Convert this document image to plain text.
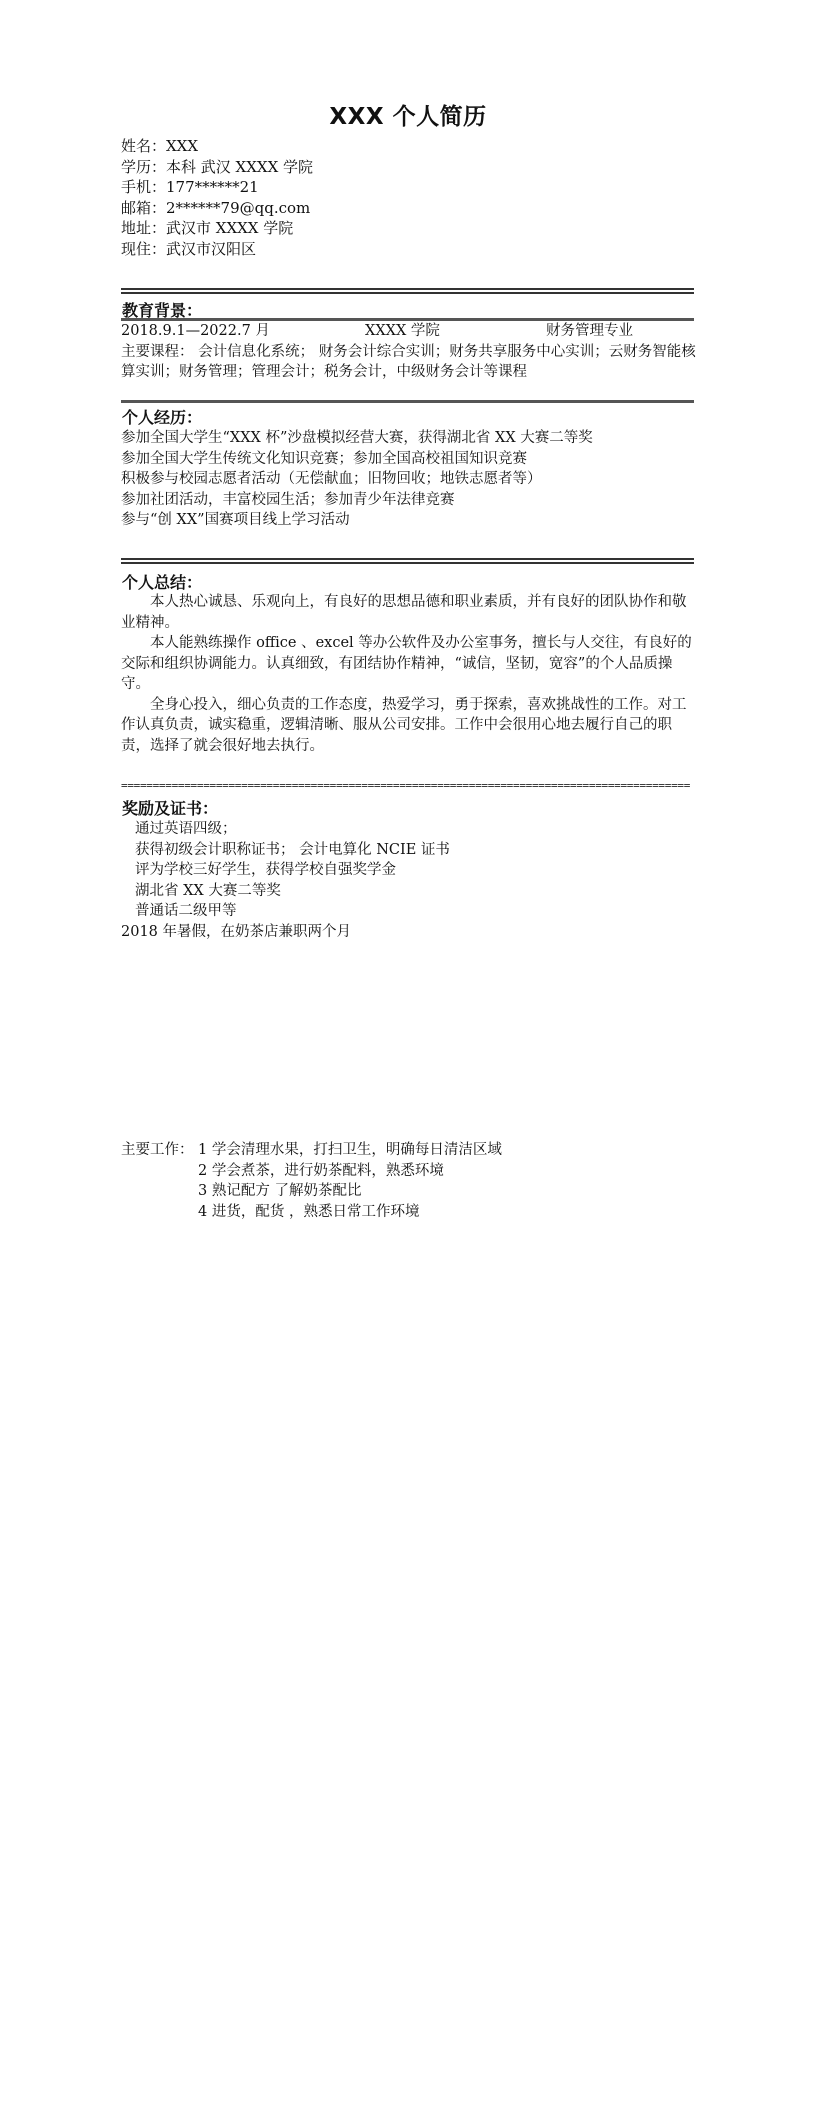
XXX 个人简历
姓名：XXX
学历：本科 武汉 XXXX 学院
手机：177******21
邮箱：2******79@qq.com
地址：武汉市 XXXX 学院
现住：武汉市汉阳区
教育背景：
2018.9.1—2022.7 月	XXXX 学院	财务管理专业

主要课程： 会计信息化系统； 财务会计综合实训；财务共享服务中心实训；云财务智能核算实训；财务管理；管理会计；税务会计，中级财务会计等课程

个人经历：

参加全国大学生“XXX 杯”沙盘模拟经营大赛，获得湖北省 XX 大赛二等奖

参加全国大学生传统文化知识竞赛；参加全国高校祖国知识竞赛

积极参与校园志愿者活动（无偿献血；旧物回收；地铁志愿者等）

参加社团活动，丰富校园生活；参加青少年法律竞赛

参与“创 XX”国赛项目线上学习活动

个人总结：

本人热心诚恳、乐观向上，有良好的思想品德和职业素质，并有良好的团队协作和敬业精神。

本人能熟练操作 office 、excel 等办公软件及办公室事务，擅长与人交往，有良好的交际和组织协调能力。认真细致，有团结协作精神，“诚信，坚韧，宽容”的个人品质操守。

全身心投入，细心负责的工作态度，热爱学习，勇于探索，喜欢挑战性的工作。对工作认真负责，诚实稳重，逻辑清晰、服从公司安排。工作中会很用心地去履行自己的职责，选择了就会很好地去执行。

==========================================================================================
奖励及证书：
通过英语四级；
获得初级会计职称证书； 会计电算化 NCIE 证书
评为学校三好学生，获得学校自强奖学金
湖北省 XX 大赛二等奖
普通话二级甲等
2018 年暑假，在奶茶店兼职两个月
主要工作： 1 学会清理水果，打扫卫生，明确每日清洁区域
2 学会煮茶，进行奶茶配料，熟悉环境
3 熟记配方 了解奶茶配比
4 进货，配货 ，熟悉日常工作环境
